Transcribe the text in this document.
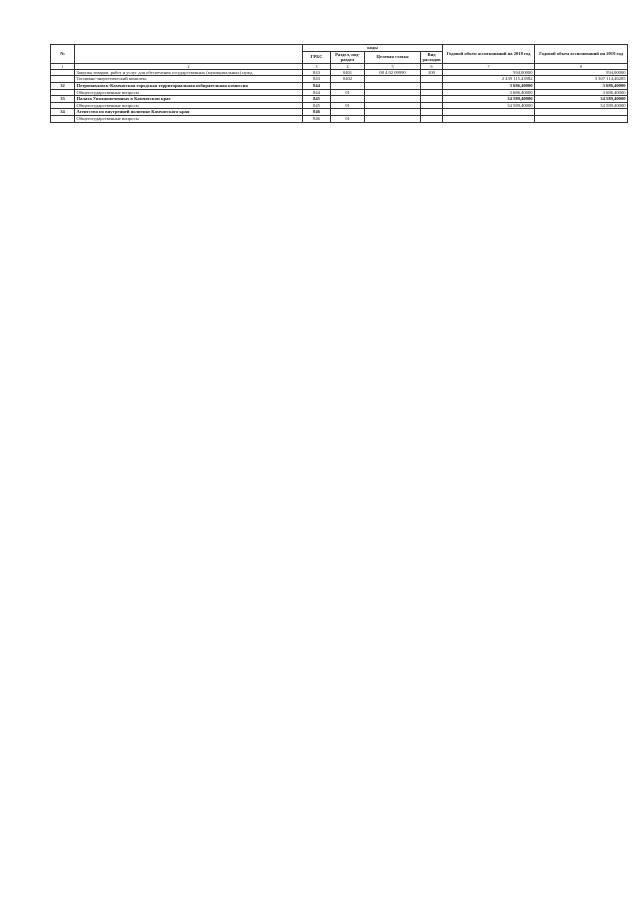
№		коды				Годовой объем ассигнований на 2018 год	Годовой объем ассигнований на 2019 год
		ГРБС	Раздел, под-раздел	Целевая статья	Вид расходов		
1	2	3	4	5	6	7	8
	Закупка товаров, работ и услуг для обеспечения государственных (муниципальных) нужд	843	0401	08 4 02 09990	200	594,00000	594,00000
	Топливно-энергетический комплекс	843	0402			2 439 115,43982	3 307 114,46285
32	Петропавловск-Камчатская городская территориальная избирательная комиссия	844				3 686,40000	3 686,40000
	Общегосударственные вопросы	844	01			3 686,40000	3 686,40000
33	Палата Уполномоченных в Камчатском крае	845				34 589,40000	34 589,40000
	Общегосударственные вопросы	845	01			34 589,40000	34 589,40000
34	Агентство по внутренней политике Камчатского края	846					
	Общегосударственные вопросы	846	01				
